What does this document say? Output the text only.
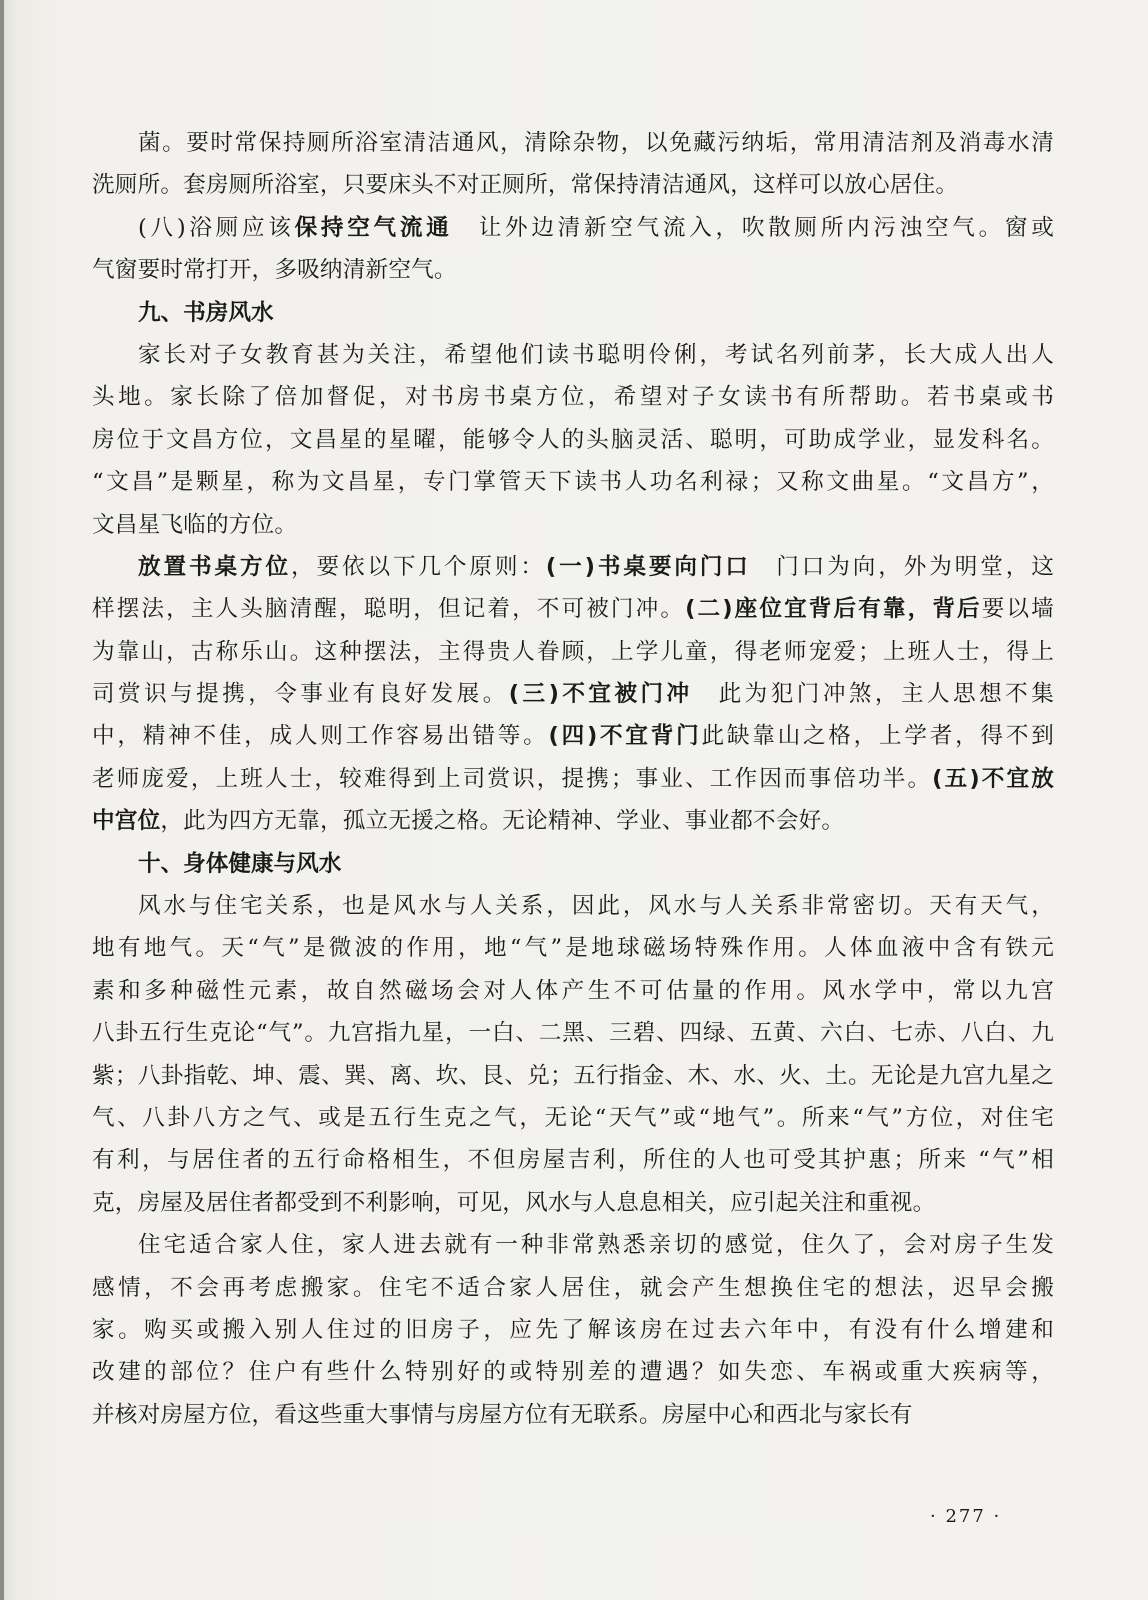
菌。要时常保持厕所浴室清洁通风，清除杂物，以免藏污纳垢，常用清洁剂及消毒水清
洗厕所。套房厕所浴室，只要床头不对正厕所，常保持清洁通风，这样可以放心居住。
(八)浴厕应该保持空气流通　让外边清新空气流入，吹散厕所内污浊空气。窗或
气窗要时常打开，多吸纳清新空气。
九、书房风水
家长对子女教育甚为关注，希望他们读书聪明伶俐，考试名列前茅，长大成人出人
头地。家长除了倍加督促，对书房书桌方位，希望对子女读书有所帮助。若书桌或书
房位于文昌方位，文昌星的星曜，能够令人的头脑灵活、聪明，可助成学业，显发科名。
“文昌”是颗星，称为文昌星，专门掌管天下读书人功名利禄；又称文曲星。“文昌方”，
文昌星飞临的方位。
放置书桌方位，要依以下几个原则：(一)书桌要向门口　门口为向，外为明堂，这
样摆法，主人头脑清醒，聪明，但记着，不可被门冲。(二)座位宜背后有靠，背后要以墙
为靠山，古称乐山。这种摆法，主得贵人眷顾，上学儿童，得老师宠爱；上班人士，得上
司赏识与提携，令事业有良好发展。(三)不宜被门冲　此为犯门冲煞，主人思想不集
中，精神不佳，成人则工作容易出错等。(四)不宜背门此缺靠山之格，上学者，得不到
老师庞爱，上班人士，较难得到上司赏识，提携；事业、工作因而事倍功半。(五)不宜放
中宫位，此为四方无靠，孤立无援之格。无论精神、学业、事业都不会好。
十、身体健康与风水
风水与住宅关系，也是风水与人关系，因此，风水与人关系非常密切。天有天气，
地有地气。天“气”是微波的作用，地“气”是地球磁场特殊作用。人体血液中含有铁元
素和多种磁性元素，故自然磁场会对人体产生不可估量的作用。风水学中，常以九宫
八卦五行生克论“气”。九宫指九星，一白、二黑、三碧、四绿、五黄、六白、七赤、八白、九
紫；八卦指乾、坤、震、巽、离、坎、艮、兑；五行指金、木、水、火、土。无论是九宫九星之
气、八卦八方之气、或是五行生克之气，无论“天气”或“地气”。所来“气”方位，对住宅
有利，与居住者的五行命格相生，不但房屋吉利，所住的人也可受其护惠；所来 “气”相
克，房屋及居住者都受到不利影响，可见，风水与人息息相关，应引起关注和重视。
住宅适合家人住，家人进去就有一种非常熟悉亲切的感觉，住久了，会对房子生发
感情，不会再考虑搬家。住宅不适合家人居住，就会产生想换住宅的想法，迟早会搬
家。购买或搬入别人住过的旧房子，应先了解该房在过去六年中，有没有什么增建和
改建的部位？住户有些什么特别好的或特别差的遭遇？如失恋、车祸或重大疾病等，
并核对房屋方位，看这些重大事情与房屋方位有无联系。房屋中心和西北与家长有
· 277 ·
